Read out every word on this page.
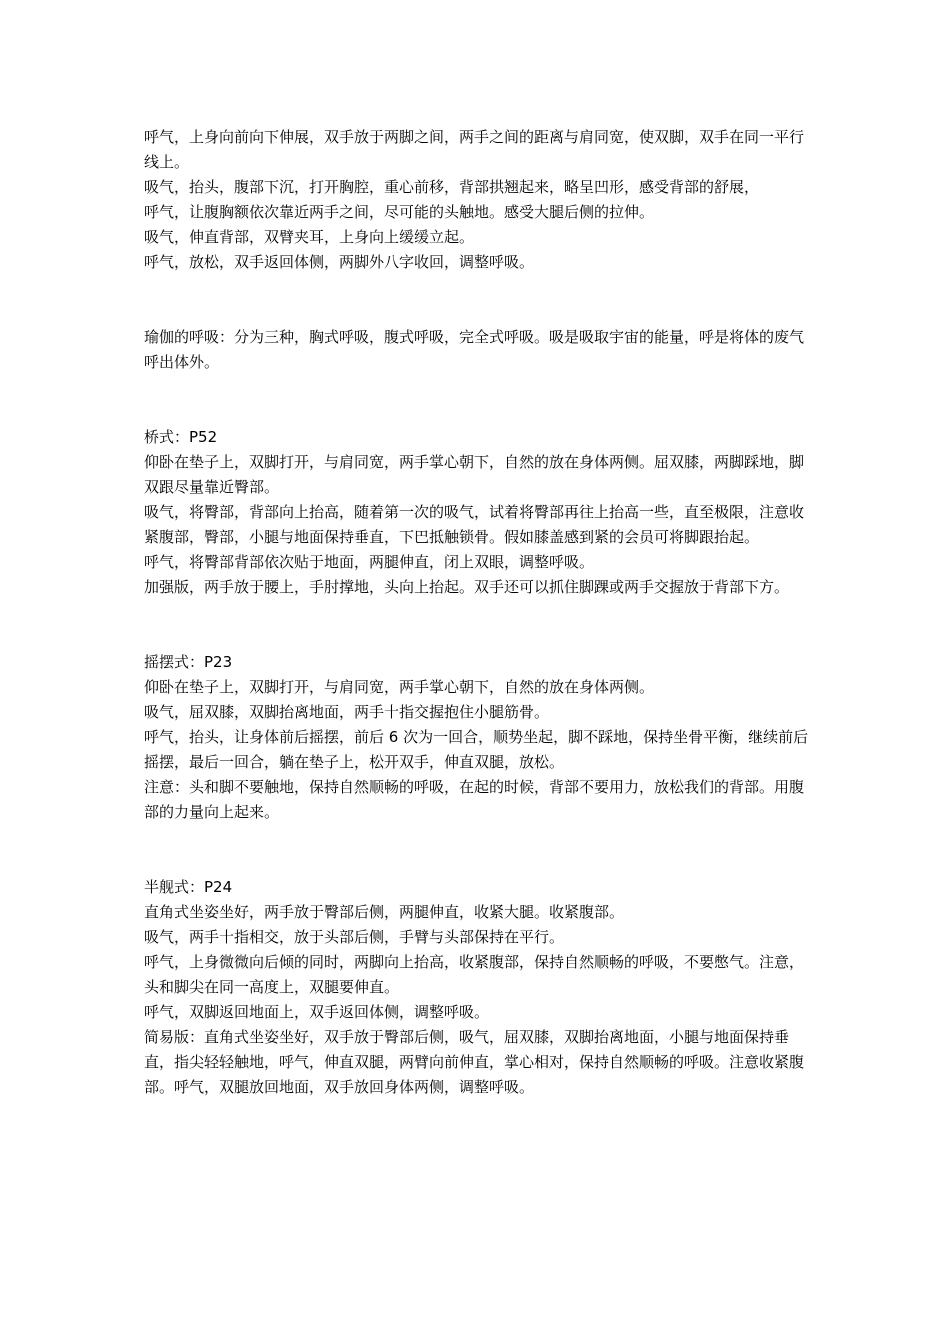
呼气，上身向前向下伸展，双手放于两脚之间，两手之间的距离与肩同宽，使双脚，双手在同一平行线上。

吸气，抬头，腹部下沉，打开胸腔，重心前移，背部拱翘起来，略呈凹形，感受背部的舒展，

呼气，让腹胸额依次靠近两手之间，尽可能的头触地。感受大腿后侧的拉伸。

吸气，伸直背部，双臂夹耳，上身向上缓缓立起。

呼气，放松，双手返回体侧，两脚外八字收回，调整呼吸。

瑜伽的呼吸：分为三种，胸式呼吸，腹式呼吸，完全式呼吸。吸是吸取宇宙的能量，呼是将体的废气呼出体外。

桥式：P52

仰卧在垫子上，双脚打开，与肩同宽，两手掌心朝下，自然的放在身体两侧。屈双膝，两脚踩地，脚双跟尽量靠近臀部。

吸气，将臀部，背部向上抬高，随着第一次的吸气，试着将臀部再往上抬高一些，直至极限，注意收紧腹部，臀部，小腿与地面保持垂直，下巴抵触锁骨。假如膝盖感到紧的会员可将脚跟抬起。

呼气，将臀部背部依次贴于地面，两腿伸直，闭上双眼，调整呼吸。

加强版，两手放于腰上，手肘撑地，头向上抬起。双手还可以抓住脚踝或两手交握放于背部下方。

摇摆式：P23

仰卧在垫子上，双脚打开，与肩同宽，两手掌心朝下，自然的放在身体两侧。

吸气，屈双膝，双脚抬离地面，两手十指交握抱住小腿筋骨。

呼气，抬头，让身体前后摇摆，前后 6 次为一回合，顺势坐起，脚不踩地，保持坐骨平衡，继续前后摇摆，最后一回合，躺在垫子上，松开双手，伸直双腿，放松。

注意：头和脚不要触地，保持自然顺畅的呼吸，在起的时候，背部不要用力，放松我们的背部。用腹部的力量向上起来。

半舰式：P24

直角式坐姿坐好，两手放于臀部后侧，两腿伸直，收紧大腿。收紧腹部。

吸气，两手十指相交，放于头部后侧，手臂与头部保持在平行。

呼气，上身微微向后倾的同时，两脚向上抬高，收紧腹部，保持自然顺畅的呼吸，不要憋气。注意，头和脚尖在同一高度上，双腿要伸直。

呼气，双脚返回地面上，双手返回体侧，调整呼吸。

简易版：直角式坐姿坐好，双手放于臀部后侧，吸气，屈双膝，双脚抬离地面，小腿与地面保持垂直，指尖轻轻触地，呼气，伸直双腿，两臂向前伸直，掌心相对，保持自然顺畅的呼吸。注意收紧腹部。呼气，双腿放回地面，双手放回身体两侧，调整呼吸。
